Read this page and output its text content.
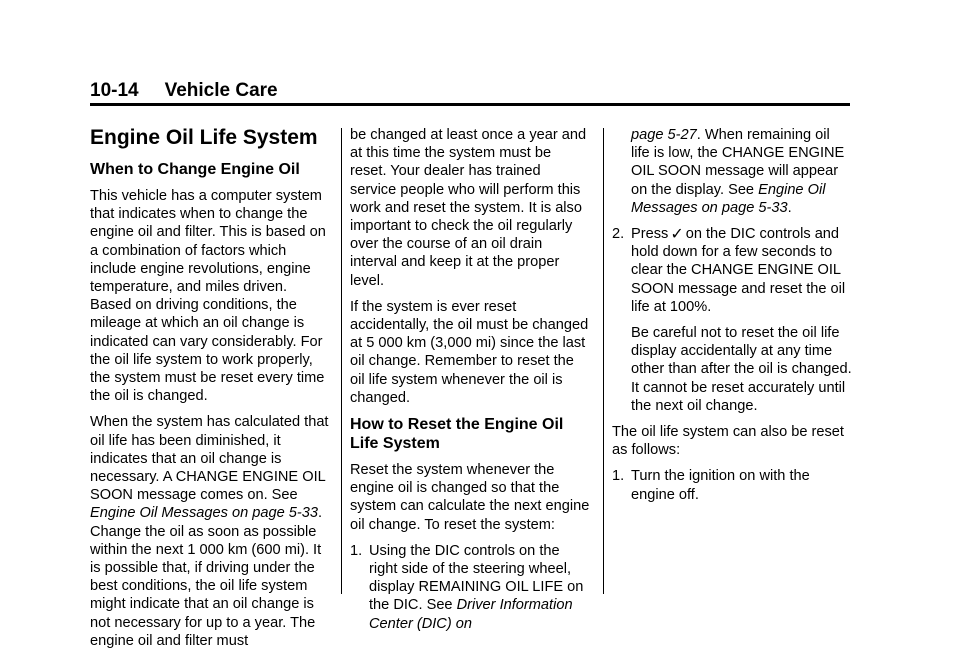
10-14 Vehicle Care
Engine Oil Life System
When to Change Engine Oil

This vehicle has a computer system that indicates when to change the engine oil and filter. This is based on a combination of factors which include engine revolutions, engine temperature, and miles driven. Based on driving conditions, the mileage at which an oil change is indicated can vary considerably. For the oil life system to work properly, the system must be reset every time the oil is changed.

When the system has calculated that oil life has been diminished, it indicates that an oil change is necessary. A CHANGE ENGINE OIL SOON message comes on. See Engine Oil Messages on page 5-33. Change the oil as soon as possible within the next 1 000 km (600 mi). It is possible that, if driving under the best conditions, the oil life system might indicate that an oil change is not necessary for up to a year. The engine oil and filter must

be changed at least once a year and at this time the system must be reset. Your dealer has trained service people who will perform this work and reset the system. It is also important to check the oil regularly over the course of an oil drain interval and keep it at the proper level.

If the system is ever reset accidentally, the oil must be changed at 5 000 km (3,000 mi) since the last oil change. Remember to reset the oil life system whenever the oil is changed.

How to Reset the Engine Oil Life System

Reset the system whenever the engine oil is changed so that the system can calculate the next engine oil change. To reset the system:

1. Using the DIC controls on the right side of the steering wheel, display REMAINING OIL LIFE on the DIC. See Driver Information Center (DIC) on

page 5-27. When remaining oil life is low, the CHANGE ENGINE OIL SOON message will appear on the display. See Engine Oil Messages on page 5-33.

2. Press ✓ on the DIC controls and hold down for a few seconds to clear the CHANGE ENGINE OIL SOON message and reset the oil life at 100%.

Be careful not to reset the oil life display accidentally at any time other than after the oil is changed. It cannot be reset accurately until the next oil change.

The oil life system can also be reset as follows:

1. Turn the ignition on with the engine off.
